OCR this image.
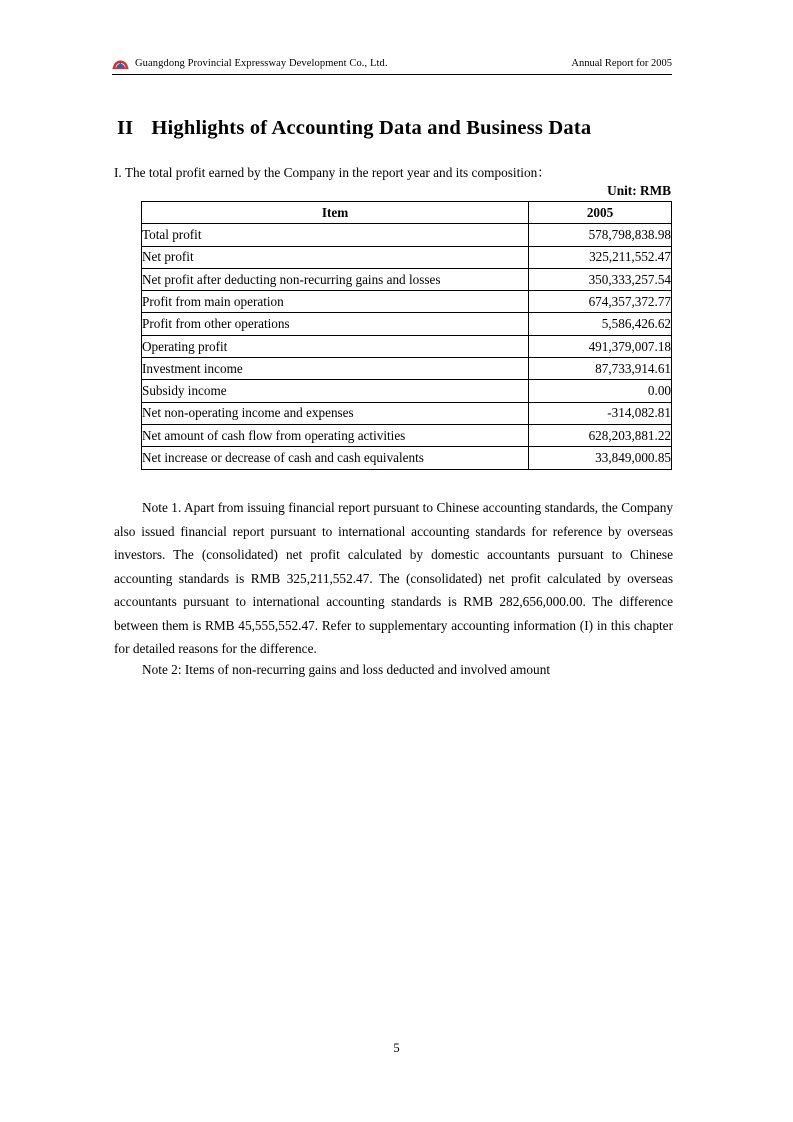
Guangdong Provincial Expressway Development Co., Ltd.	Annual Report for 2005
II Highlights of Accounting Data and Business Data
I. The total profit earned by the Company in the report year and its composition：
Unit: RMB
Item	2005
Total profit	578,798,838.98
Net profit	325,211,552.47
Net profit after deducting non-recurring gains and losses	350,333,257.54
Profit from main operation	674,357,372.77
Profit from other operations	5,586,426.62
Operating profit	491,379,007.18
Investment income	87,733,914.61
Subsidy income	0.00
Net non-operating income and expenses	-314,082.81
Net amount of cash flow from operating activities	628,203,881.22
Net increase or decrease of cash and cash equivalents	33,849,000.85

Note 1. Apart from issuing financial report pursuant to Chinese accounting standards, the Company also issued financial report pursuant to international accounting standards for reference by overseas investors. The (consolidated) net profit calculated by domestic accountants pursuant to Chinese accounting standards is RMB 325,211,552.47. The (consolidated) net profit calculated by overseas accountants pursuant to international accounting standards is RMB 282,656,000.00. The difference between them is RMB 45,555,552.47. Refer to supplementary accounting information (I) in this chapter for detailed reasons for the difference.

Note 2: Items of non-recurring gains and loss deducted and involved amount

5
